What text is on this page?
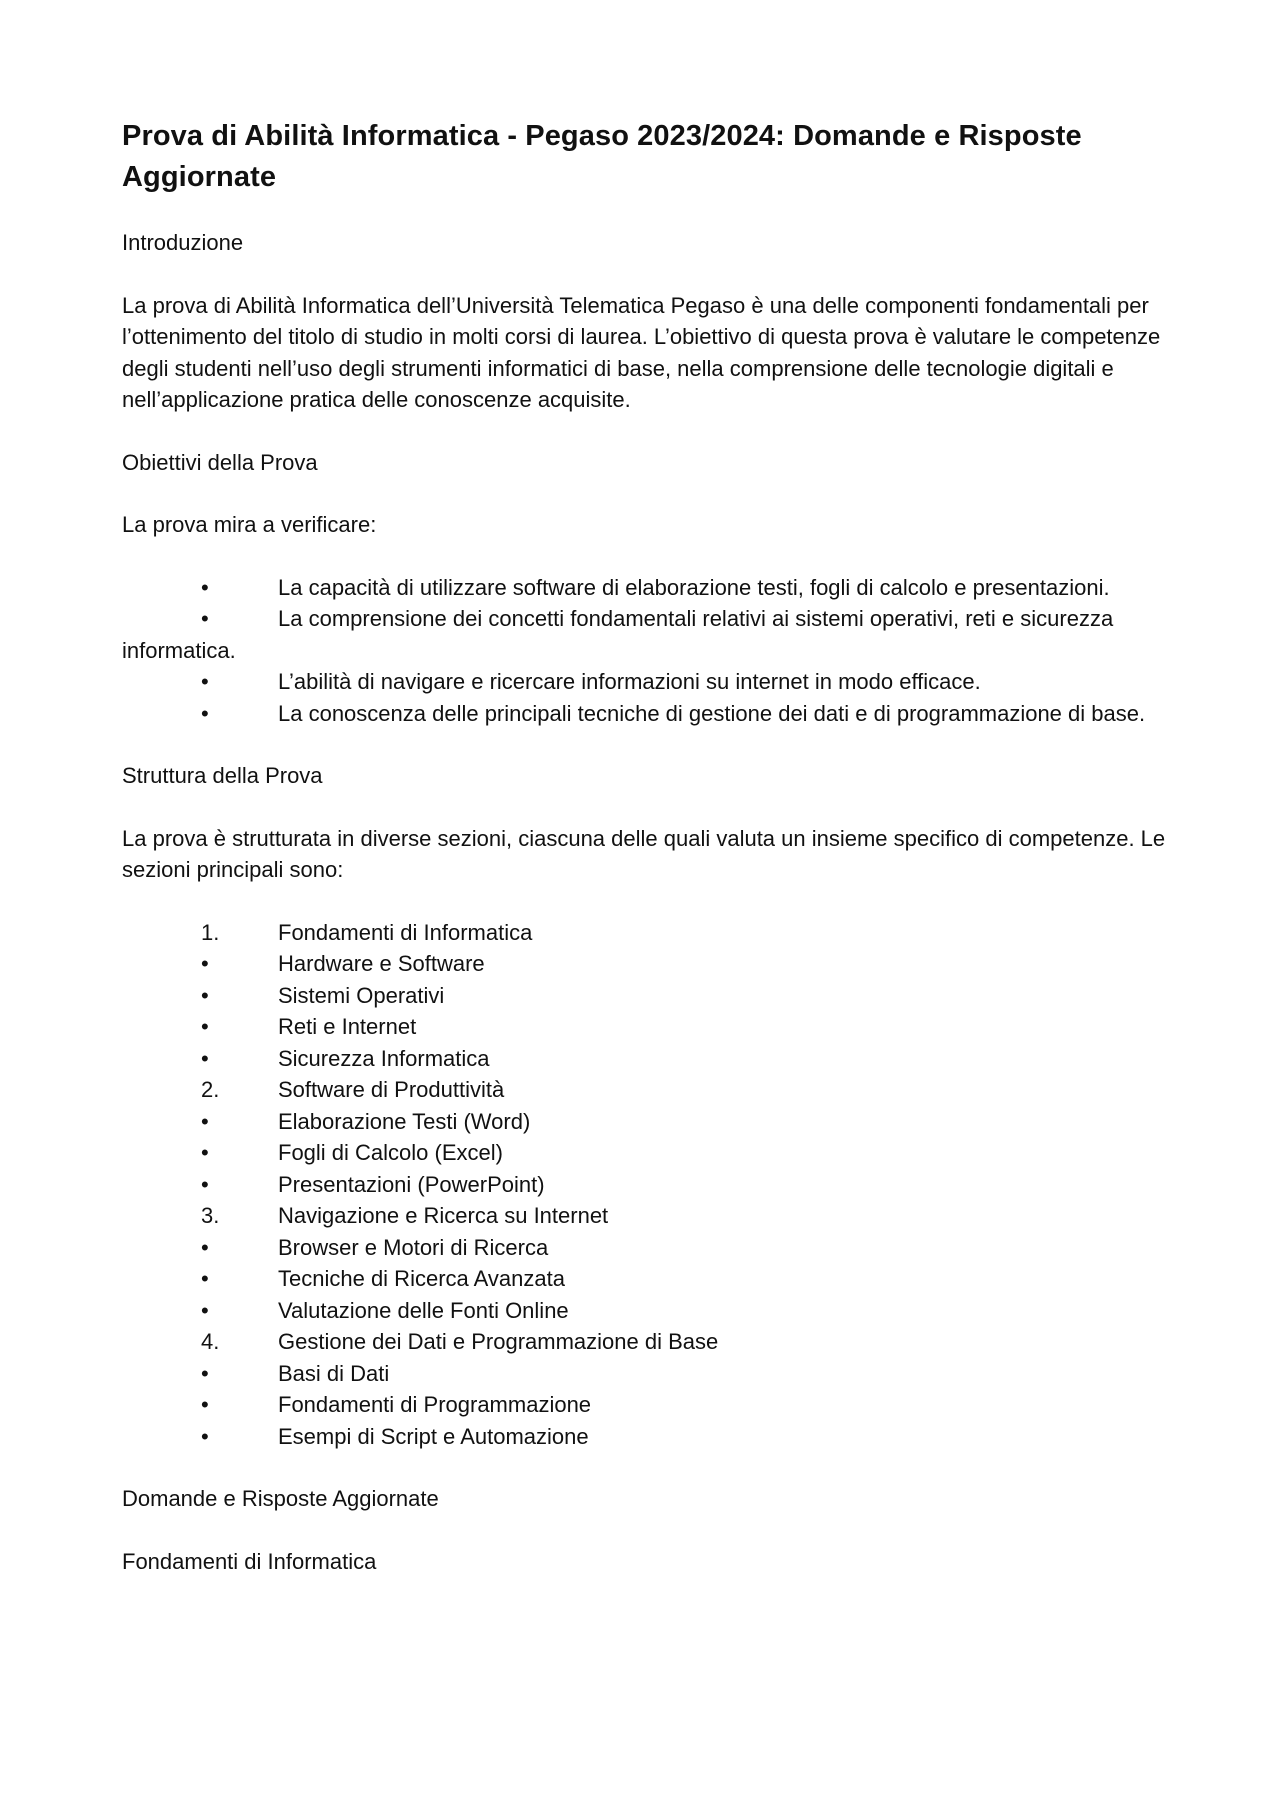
Prova di Abilità Informatica - Pegaso 2023/2024: Domande e Risposte Aggiornate

Introduzione

La prova di Abilità Informatica dell’Università Telematica Pegaso è una delle componenti fondamentali per l’ottenimento del titolo di studio in molti corsi di laurea. L’obiettivo di questa prova è valutare le competenze degli studenti nell’uso degli strumenti informatici di base, nella comprensione delle tecnologie digitali e nell’applicazione pratica delle conoscenze acquisite.

Obiettivi della Prova

La prova mira a verificare:

•	La capacità di utilizzare software di elaborazione testi, fogli di calcolo e presentazioni.
•	La comprensione dei concetti fondamentali relativi ai sistemi operativi, reti e sicurezza informatica.
•	L’abilità di navigare e ricercare informazioni su internet in modo efficace.
•	La conoscenza delle principali tecniche di gestione dei dati e di programmazione di base.

Struttura della Prova

La prova è strutturata in diverse sezioni, ciascuna delle quali valuta un insieme specifico di competenze. Le sezioni principali sono:

1.	Fondamenti di Informatica
•	Hardware e Software
•	Sistemi Operativi
•	Reti e Internet
•	Sicurezza Informatica
2.	Software di Produttività
•	Elaborazione Testi (Word)
•	Fogli di Calcolo (Excel)
•	Presentazioni (PowerPoint)
3.	Navigazione e Ricerca su Internet
•	Browser e Motori di Ricerca
•	Tecniche di Ricerca Avanzata
•	Valutazione delle Fonti Online
4.	Gestione dei Dati e Programmazione di Base
•	Basi di Dati
•	Fondamenti di Programmazione
•	Esempi di Script e Automazione

Domande e Risposte Aggiornate

Fondamenti di Informatica
